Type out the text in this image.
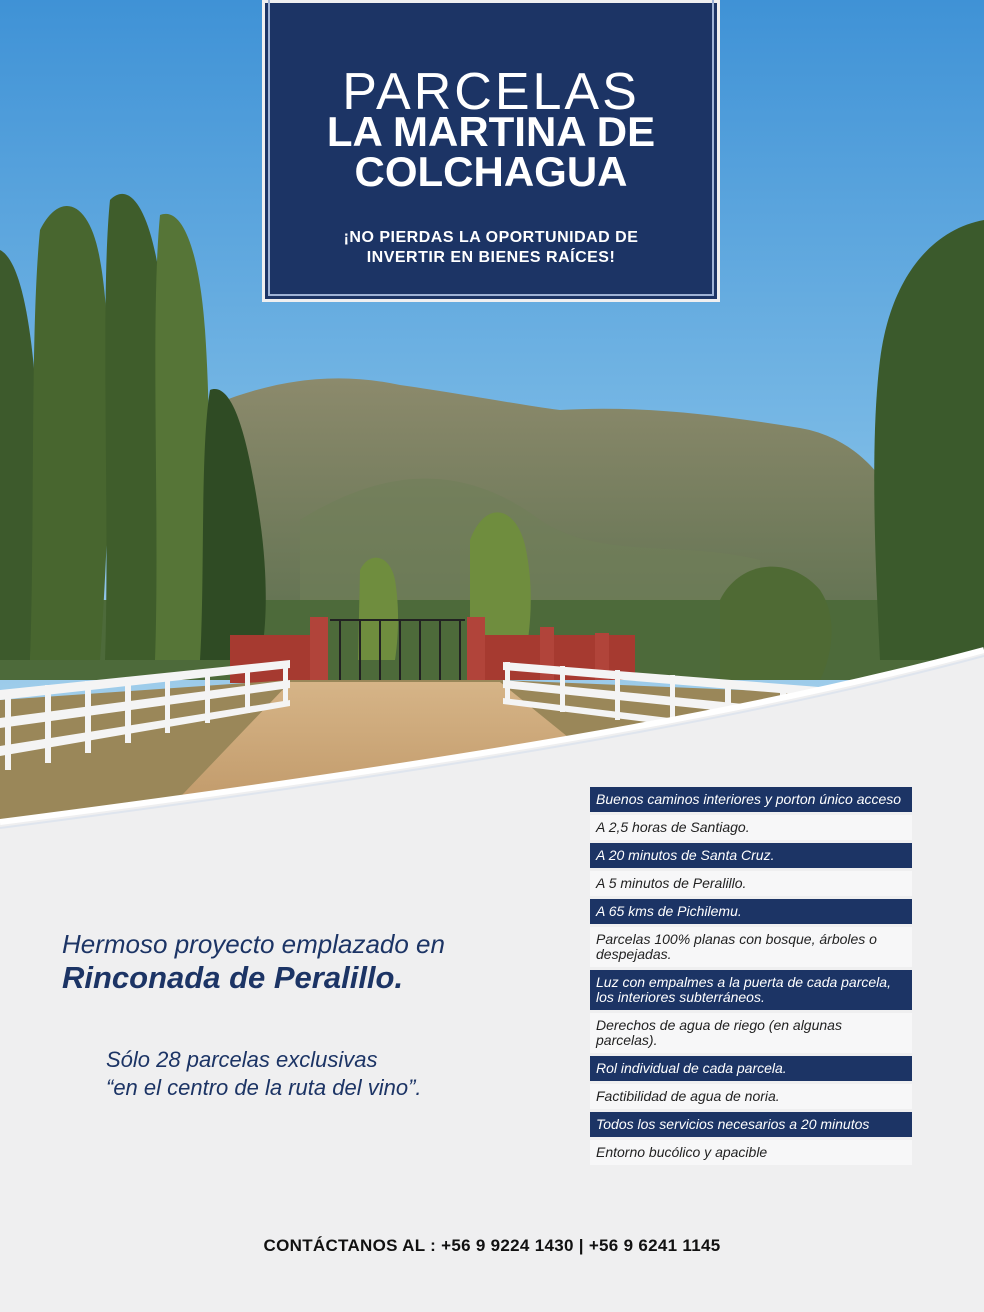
PARCELAS
LA MARTINA DE
COLCHAGUA
¡NO PIERDAS LA OPORTUNIDAD DE
INVERTIR EN BIENES RAÍCES!
Hermoso proyecto emplazado en
Rinconada de Peralillo.
Sólo 28 parcelas exclusivas
“en el centro de la ruta del vino”.
Buenos caminos interiores y porton único acceso
A 2,5 horas de Santiago.
A 20 minutos de Santa Cruz.
A 5 minutos de Peralillo.
A 65 kms de Pichilemu.
Parcelas 100% planas con bosque, árboles o despejadas.
Luz con empalmes a la puerta de cada parcela, los interiores subterráneos.
Derechos de agua de riego (en algunas parcelas).
Rol individual de cada parcela.
Factibilidad de agua de noria.
Todos los servicios necesarios a 20 minutos
Entorno bucólico y apacible
CONTÁCTANOS AL : +56 9 9224 1430 | +56 9 6241 1145
